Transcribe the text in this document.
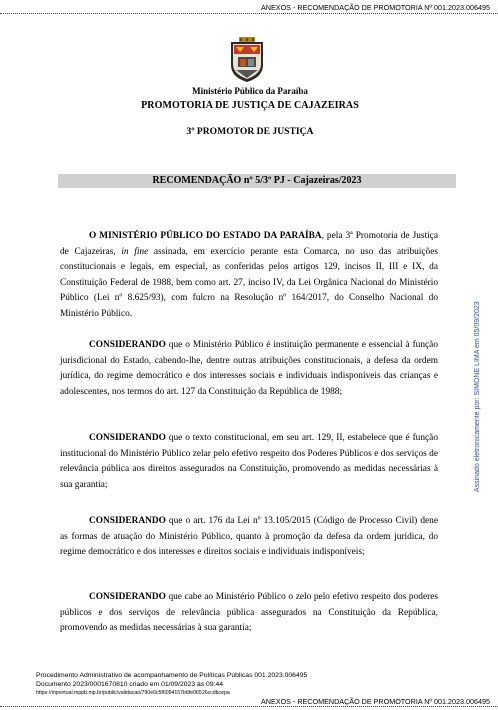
ANEXOS - RECOMENDAÇÃO DE PROMOTORIA Nº 001.2023.006495
Ministério Público da Paraíba
PROMOTORIA DE JUSTIÇA DE CAJAZEIRAS
3º PROMOTOR DE JUSTIÇA
RECOMENDAÇÃO nº 5/3º PJ - Cajazeiras/2023
O MINISTÉRIO PÚBLICO DO ESTADO DA PARAÍBA, pela 3ª Promotoria de Justiça de Cajazeiras, in fine assinada, em exercício perante esta Comarca, no uso das atribuições constitucionais e legais, em especial, as conferidas pelos artigos 129, incisos II, III e IX, da Constituição Federal de 1988, bem como art. 27, inciso IV, da Lei Orgânica Nacional do Ministério Público (Lei nº 8.625/93), com fulcro na Resolução nº 164/2017, do Conselho Nacional do Ministério Público.
CONSIDERANDO que o Ministério Público é instituição permanente e essencial à função jurisdicional do Estado, cabendo-lhe, dentre outras atribuições constitucionais, a defesa da ordem jurídica, do regime democrático e dos interesses sociais e individuais indisponíveis das crianças e adolescentes, nos termos do art. 127 da Constituição da República de 1988;
CONSIDERANDO que o texto constitucional, em seu art. 129, II, estabelece que é função institucional do Ministério Público zelar pelo efetivo respeito dos Poderes Públicos e dos serviços de relevância pública aos direitos assegurados na Constituição, promovendo as medidas necessárias à sua garantia;
CONSIDERANDO que o art. 176 da Lei nº 13.105/2015 (Código de Processo Civil) dene as formas de atuação do Ministério Público, quanto à promoção da defesa da ordem jurídica, do regime democrático e dos interesses e direitos sociais e individuais indisponíveis;
CONSIDERANDO que cabe ao Ministério Público o zelo pelo efetivo respeito dos poderes públicos e dos serviços de relevância pública assegurados na Constituição da República, promovendo as medidas necessárias à sua garantia;
Assinado eletronicamente por: SIMONE LIMA em 05/09/2023
Procedimento Administrativo de acompanhamento de Políticas Públicas 001.2023.006495
Documento 2023/0001670810 criado em 01/09/2023 às 09:44
https://mpvirtual.mppb.mp.br/public/validacao/790e0c5f6094157b6fe06526ccdbcepa
ANEXOS - RECOMENDAÇÃO DE PROMOTORIA Nº 001.2023.006495
